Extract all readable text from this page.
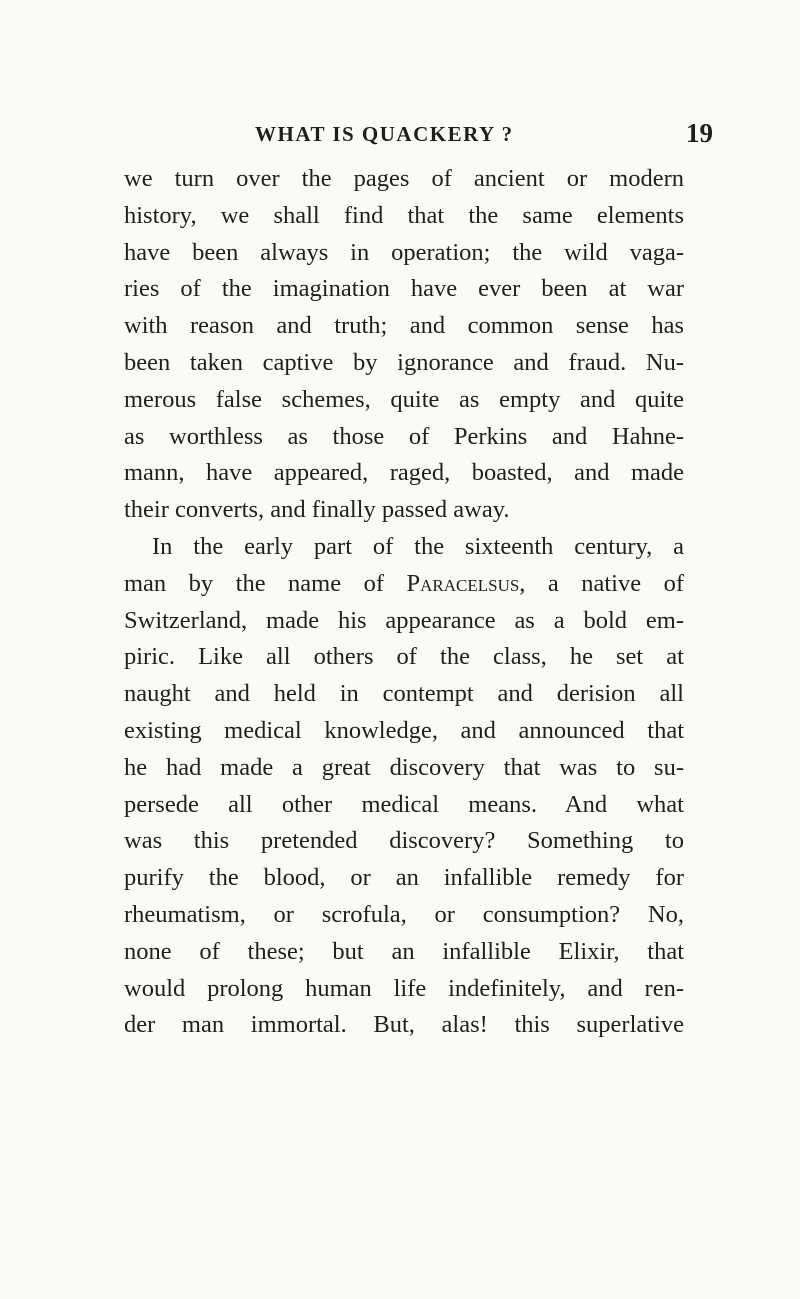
WHAT IS QUACKERY ?	19
we turn over the pages of ancient or modern
history, we shall find that the same elements
have been always in operation; the wild vaga-
ries of the imagination have ever been at war
with reason and truth; and common sense has
been taken captive by ignorance and fraud. Nu-
merous false schemes, quite as empty and quite
as worthless as those of Perkins and Hahne-
mann, have appeared, raged, boasted, and made
their converts, and finally passed away.
In the early part of the sixteenth century, a
man by the name of Paracelsus, a native of
Switzerland, made his appearance as a bold em-
piric. Like all others of the class, he set at
naught and held in contempt and derision all
existing medical knowledge, and announced that
he had made a great discovery that was to su-
persede all other medical means. And what
was this pretended discovery? Something to
purify the blood, or an infallible remedy for
rheumatism, or scrofula, or consumption? No,
none of these; but an infallible Elixir, that
would prolong human life indefinitely, and ren-
der man immortal. But, alas! this superlative
